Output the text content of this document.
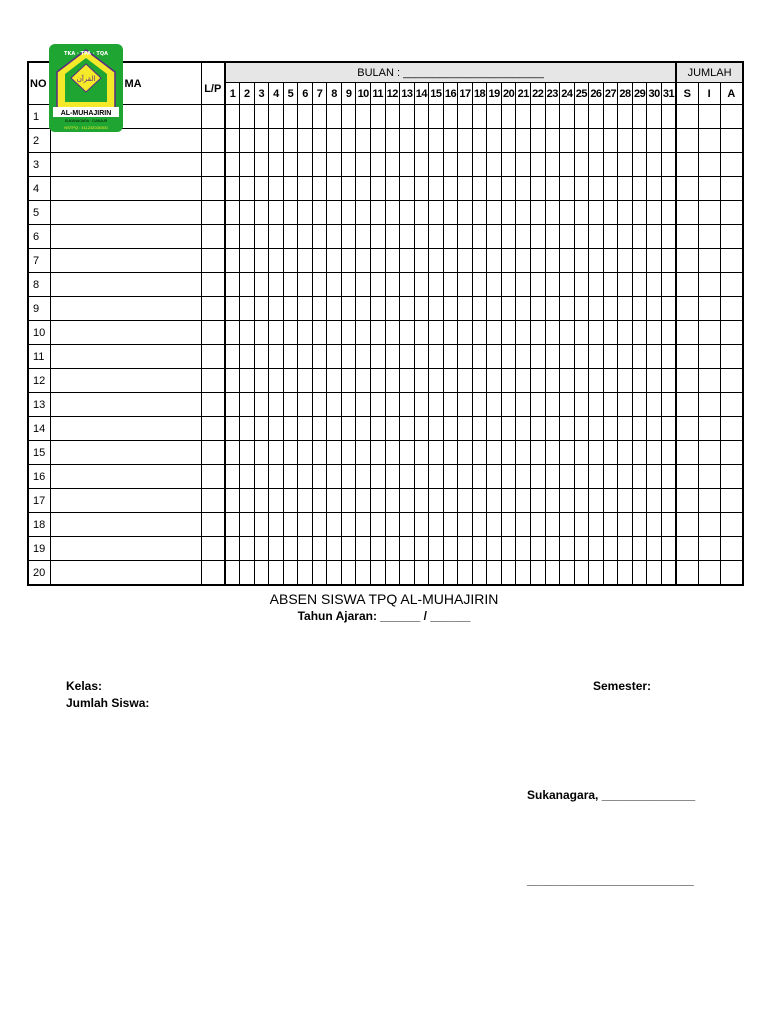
NO	MA	L/P	BULAN : _______________________																															JUMLAH		
			1	2	3	4	5	6	7	8	9	10	11	12	13	14	15	16	17	18	19	20	21	22	23	24	25	26	27	28	29	30	31	S	I	A
1																																				
2																																				
3																																				
4																																				
5																																				
6																																				
7																																				
8																																				
9																																				
10																																				
11																																				
12																																				
13																																				
14																																				
15																																				
16																																				
17																																				
18																																				
19																																				
20																																				
القرآن
TKA · TPA · TQA
AL-MUHAJIRIN
SUKANAGARA · CIANJUR
NSTPQ : 411232030300
ABSEN SISWA TPQ AL-MUHAJIRIN
Tahun Ajaran: ______ / ______
Kelas:	Semester:
Jumlah Siswa:
Sukanagara, ______________
_________________________
